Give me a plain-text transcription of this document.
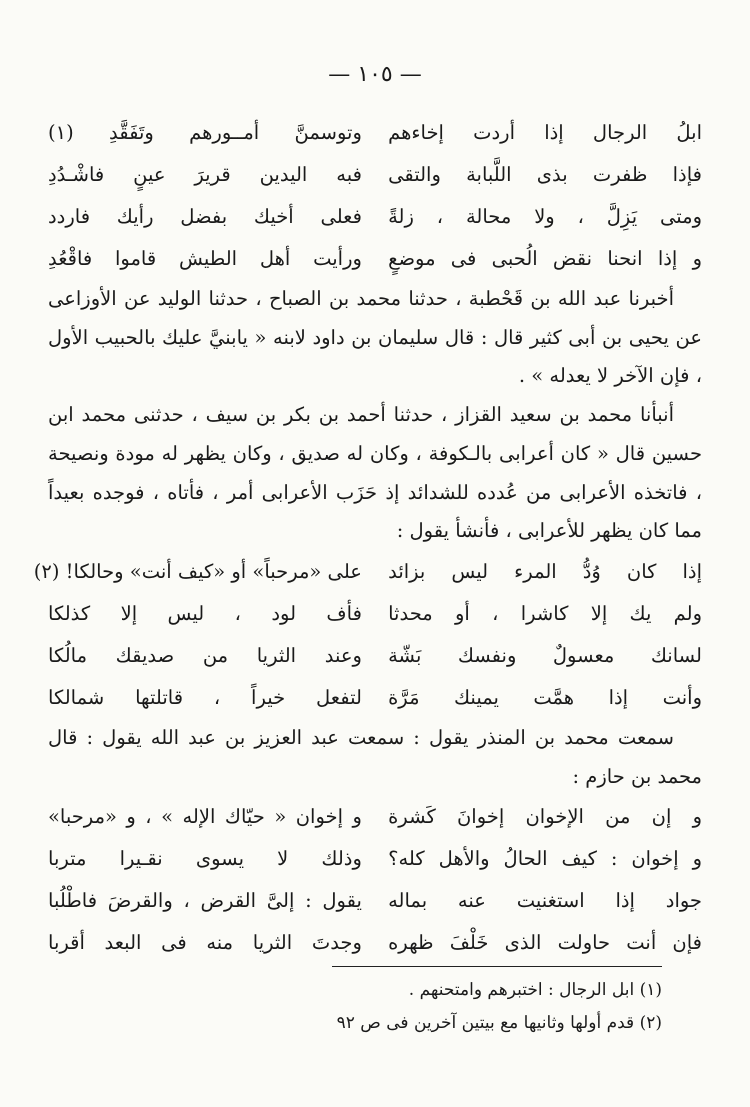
— ١٠٥ —
ابلُ الرجال إذا أردت إخاءهم
وتوسمنَّ أمــورهم وتَفَقَّدِ (١)
فإذا ظفرت بذى اللَّبابة والتقى
فبه اليدين قريرَ عينٍ فاشْـدُدِ
ومتى يَزِلَّ ، ولا محالة ، زلةً
فعلى أخيك بفضل رأيك فاردد
و إذا انحنا نقض الُحبى فى موضعٍ
ورأيت أهل الطيش قاموا فاقْعُدِ

أخبرنا عبد الله بن قَحْطبة ، حدثنا محمد بن الصباح ، حدثنا الوليد عن الأوزاعى عن يحيى بن أبى كثير قال : قال سليمان بن داود لابنه « يابنيَّ عليك بالحبيب الأول ، فإن الآخر لا يعدله » .

أنبأنا محمد بن سعيد القزاز ، حدثنا أحمد بن بكر بن سيف ، حدثنى محمد ابن حسين قال « كان أعرابى بالـكوفة ، وكان له صديق ، وكان يظهر له مودة ونصيحة ، فاتخذه الأعرابى من عُدده للشدائد إذ حَزَب الأعرابى أمر ، فأتاه ، فوجده بعيداً مما كان يظهر للأعرابى ، فأنشأ يقول :

إذا كان وُدُّ المرء ليس بزائد
على «مرحباً» أو «كيف أنت» وحالكا! (٢)
ولم يك إلا كاشرا ، أو محدثا
فأف لود ، ليس إلا كذلكا
لسانك معسولٌ ونفسك بَشّة
وعند الثريا من صديقك مالُكا
وأنت إذا همَّت يمينك مَرَّة
لتفعل خيراً ، قاتلتها شمالكا

سمعت محمد بن المنذر يقول : سمعت عبد العزيز بن عبد الله يقول : قال محمد بن حازم :

و إن من الإخوان إخوانَ كَشرة
و إخوان « حيّاك الإله » ، و «مرحبا»
و إخوان : كيف الحالُ والأهل كله؟
وذلك لا يسوى نقـيرا متربا
جواد إذا استغنيت عنه بماله
يقول : إلىَّ القرض ، والقرضَ فاطْلُبا
فإن أنت حاولت الذى خَلْفَ ظهره
وجدتَ الثريا منه فى البعد أقربا
(١) ابل الرجال : اختبرهم وامتحنهم .
(٢) قدم أولها وثانيها مع بيتين آخرين فى ص ٩٢
